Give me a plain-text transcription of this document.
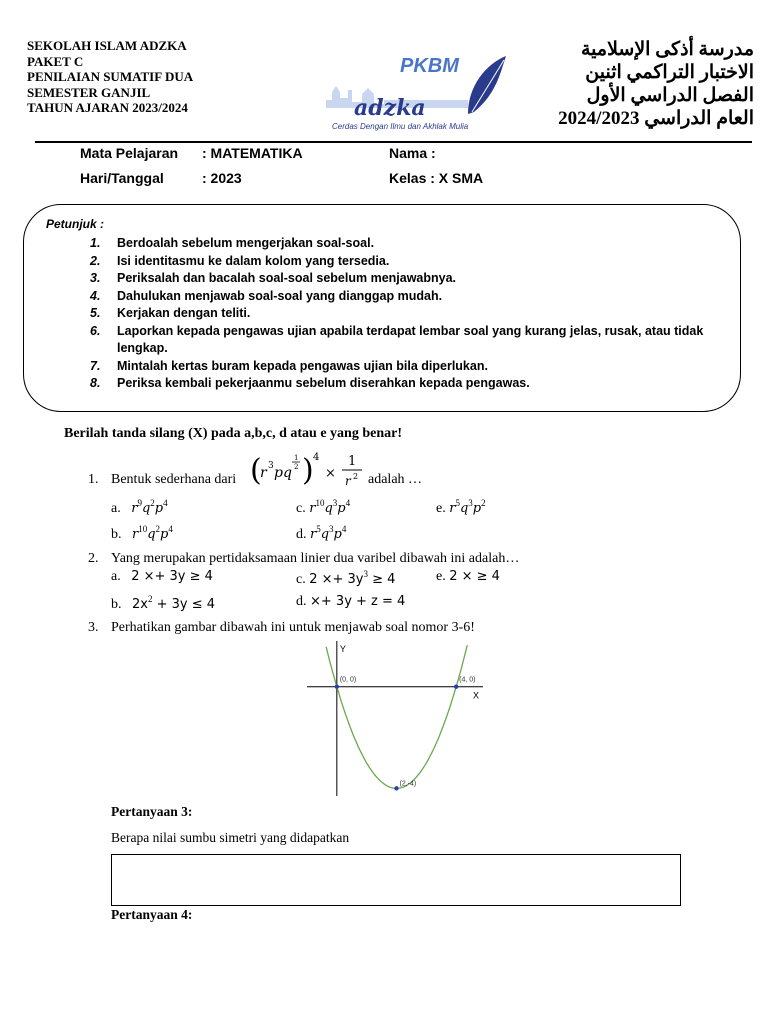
SEKOLAH ISLAM ADZKA
PAKET C
PENILAIAN SUMATIF DUA
SEMESTER GANJIL
TAHUN AJARAN 2023/2024
PKBM
adzka
Cerdas Dengan Ilmu dan Akhlak Mulia
مدرسة أذكى الإسلامية
الاختبار التراكمي اثنين
الفصل الدراسي الأول
العام الدراسي 2024/2023
Mata Pelajaran : MATEMATIKA
Hari/Tanggal	: 2023
Nama :
Kelas : X SMA
Petunjuk :
1.	Berdoalah sebelum mengerjakan soal-soal.
2.	Isi identitasmu ke dalam kolom yang tersedia.
3.	Periksalah dan bacalah soal-soal sebelum menjawabnya.
4.	Dahulukan menjawab soal-soal yang dianggap mudah.
5.	Kerjakan dengan teliti.
6.	Laporkan kepada pengawas ujian apabila terdapat lembar soal yang kurang jelas, rusak, atau tidak lengkap.
7.	Mintalah kertas buram kepada pengawas ujian bila diperlukan.
8.	Periksa kembali pekerjaanmu sebelum diserahkan kepada pengawas.
Berilah tanda silang (X) pada a,b,c, d atau e yang benar!
1. Bentuk sederhana dari (
r 3 pq
1
2 ) 4
×
1
r 2 adalah …
a. $r^9q^2p^4$	c. $r^{10}q^3p^4$	e. $r^5q^3p^2$
b. $r^{10}q^2p^4$	d. $r^5q^3p^4$
2. Yang merupakan pertidaksamaan linier dua varibel dibawah ini adalah…
a. 2 ×+ 3y ≥ 4	c. $2 \times+ 3y^3 \ge 4$	e. 2 × ≥ 4
b. $2x^2 + 3y \le 4$	d. ×+ 3y + z = 4
3. Perhatikan gambar dibawah ini untuk menjawab soal nomor 3-6!
X
Y
(0, 0)	(4, 0)
(2,-4)
Pertanyaan 3:
Berapa nilai sumbu simetri yang didapatkan
Pertanyaan 4:
